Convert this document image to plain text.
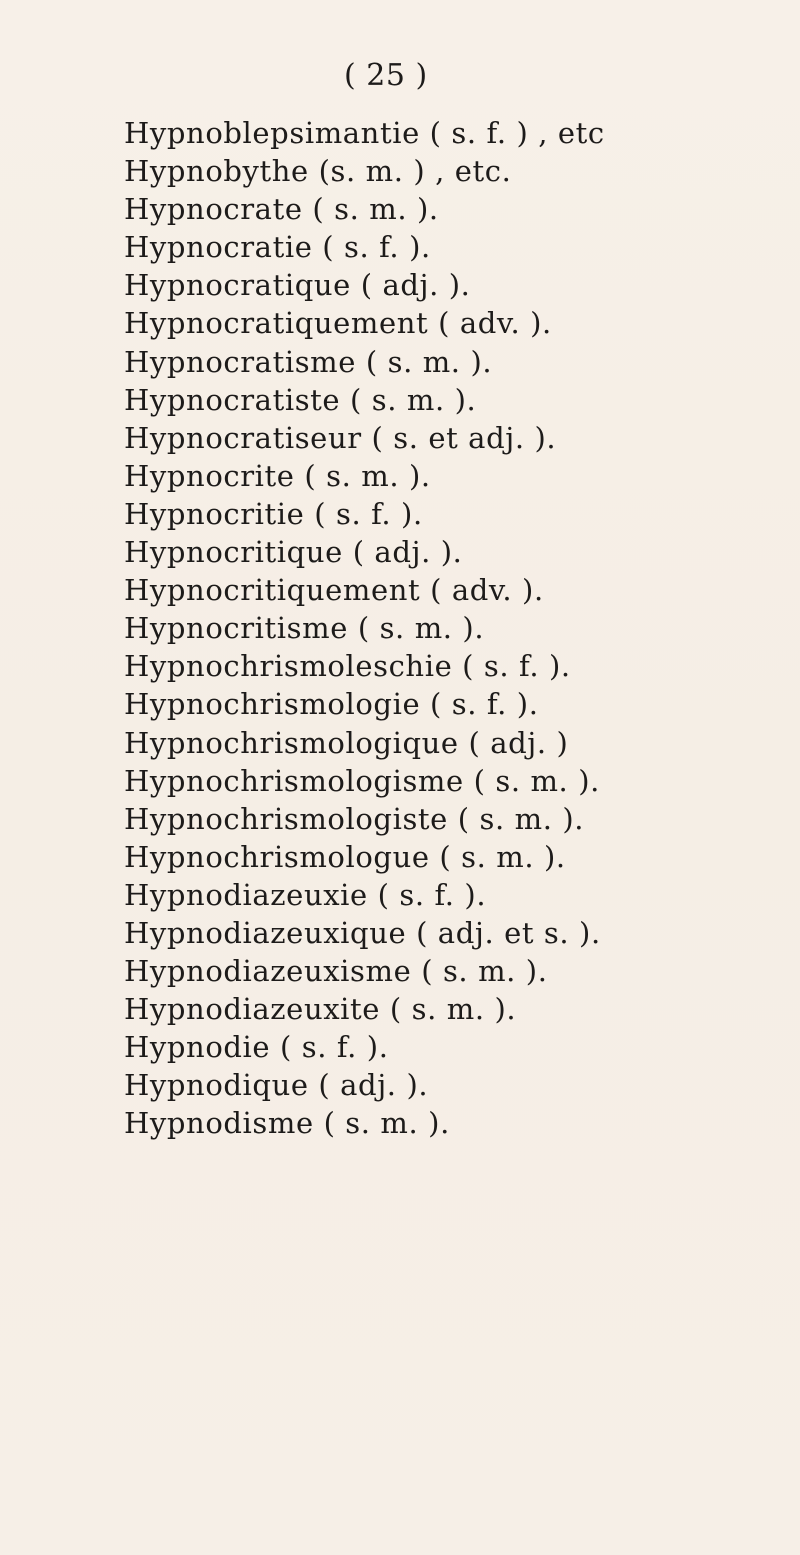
( 25 )
Hypnoblepsimantie ( s. f. ) , etc
Hypnobythe (s. m. ) , etc.
Hypnocrate ( s. m. ).
Hypnocratie ( s. f. ).
Hypnocratique ( adj. ).
Hypnocratiquement ( adv. ).
Hypnocratisme ( s. m. ).
Hypnocratiste ( s. m. ).
Hypnocratiseur ( s. et adj. ).
Hypnocrite ( s. m. ).
Hypnocritie ( s. f. ).
Hypnocritique ( adj. ).
Hypnocritiquement ( adv. ).
Hypnocritisme ( s. m. ).
Hypnochrismoleschie ( s. f. ).
Hypnochrismologie ( s. f. ).
Hypnochrismologique ( adj. )
Hypnochrismologisme ( s. m. ).
Hypnochrismologiste ( s. m. ).
Hypnochrismologue ( s. m. ).
Hypnodiazeuxie ( s. f. ).
Hypnodiazeuxique ( adj. et s. ).
Hypnodiazeuxisme ( s. m. ).
Hypnodiazeuxite ( s. m. ).
Hypnodie ( s. f. ).
Hypnodique ( adj. ).
Hypnodisme ( s. m. ).
